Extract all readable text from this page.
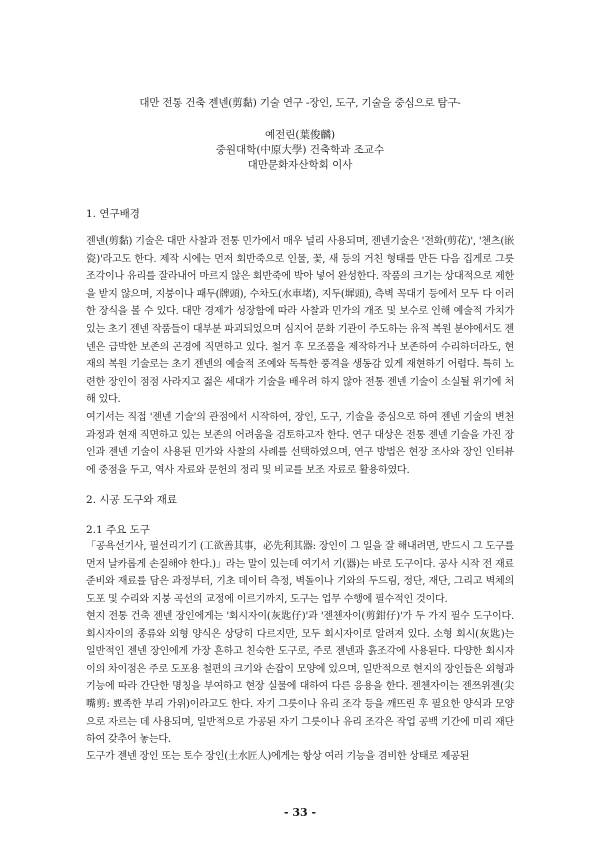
대만 전통 건축 젠넨(剪黏) 기술 연구 -장인, 도구, 기술을 중심으로 탐구-
예전린(葉俊麟)
중원대학(中原大學) 건축학과 조교수
대만문화자산학회 이사
1. 연구배경

젠넨(剪黏) 기술은 대만 사찰과 전통 민가에서 매우 널리 사용되며, 젠넨기술은 '전화(剪花)', '첸츠(嵌瓷)'라고도 한다. 제작 시에는 먼저 회반죽으로 인물, 꽃, 새 등의 거친 형태를 만든 다음 집게로 그릇 조각이나 유리를 잘라내어 마르지 않은 회반죽에 박아 넣어 완성한다. 작품의 크기는 상대적으로 제한을 받지 않으며, 지붕이나 패두(牌頭), 수차도(水車堵), 지두(墀頭), 측벽 꼭대기 등에서 모두 다 이러한 장식을 볼 수 있다. 대만 경제가 성장함에 따라 사찰과 민가의 개조 및 보수로 인해 예술적 가치가 있는 초기 젠넨 작품들이 대부분 파괴되었으며 심지어 문화 기관이 주도하는 유적 복원 분야에서도 젠넨은 급박한 보존의 곤경에 직면하고 있다. 철거 후 모조품을 제작하거나 보존하여 수리하더라도, 현재의 복원 기술로는 초기 젠넨의 예술적 조예와 독특한 풍격을 생동감 있게 재현하기 어렵다. 특히 노련한 장인이 점점 사라지고 젊은 세대가 기술을 배우려 하지 않아 전통 젠넨 기술이 소실될 위기에 처해 있다.

여기서는 직접 '젠넨 기술'의 관점에서 시작하여, 장인, 도구, 기술을 중심으로 하여 젠넨 기술의 변천 과정과 현재 직면하고 있는 보존의 어려움을 검토하고자 한다. 연구 대상은 전통 젠넨 기술을 가진 장인과 젠넨 기술이 사용된 민가와 사찰의 사례를 선택하였으며, 연구 방법은 현장 조사와 장인 인터뷰에 중점을 두고, 역사 자료와 문헌의 정리 및 비교를 보조 자료로 활용하였다.

2. 시공 도구와 재료
2.1 주요 도구

「공욕선기사, 필선리기기 (工欲善其事，必先利其器: 장인이 그 일을 잘 해내려면, 반드시 그 도구를 먼저 날카롭게 손질해야 한다.)」라는 말이 있는데 여기서 기(器)는 바로 도구이다. 공사 시작 전 재료 준비와 재료를 담은 과정부터, 기초 데이터 측정, 벽돌이나 기와의 두드림, 정단, 재단, 그리고 벽체의 도포 및 수리와 지붕 곡선의 교정에 이르기까지, 도구는 업무 수행에 필수적인 것이다.

현지 전통 건축 젠넨 장인에게는 '회시자이(灰匙仔)'과 '젠첸자이(剪鉗仔)'가 두 가지 필수 도구이다. 회시자이의 종류와 외형 양식은 상당히 다르지만, 모두 회시자이로 알려져 있다. 소형 회시(灰匙)는 일반적인 젠넨 장인에게 가장 흔하고 친숙한 도구로, 주로 젠넨과 흙조각에 사용된다. 다양한 회시자이의 차이점은 주로 도포용 철편의 크기와 손잡이 모양에 있으며, 일반적으로 현지의 장인들은 외형과 기능에 따라 간단한 명칭을 부여하고 현장 실물에 대하여 다른 응용을 한다. 젠첸자이는 젠쯔위젠(尖嘴剪: 뾰족한 부리 가위)이라고도 한다. 자기 그릇이나 유리 조각 등을 깨뜨린 후 필요한 양식과 모양으로 자르는 데 사용되며, 일반적으로 가공된 자기 그릇이나 유리 조각은 작업 공백 기간에 미리 재단하여 갖추어 놓는다.

도구가 젠넨 장인 또는 토수 장인(土水匠人)에게는 항상 여러 기능을 겸비한 상태로 제공된

- 33 -
